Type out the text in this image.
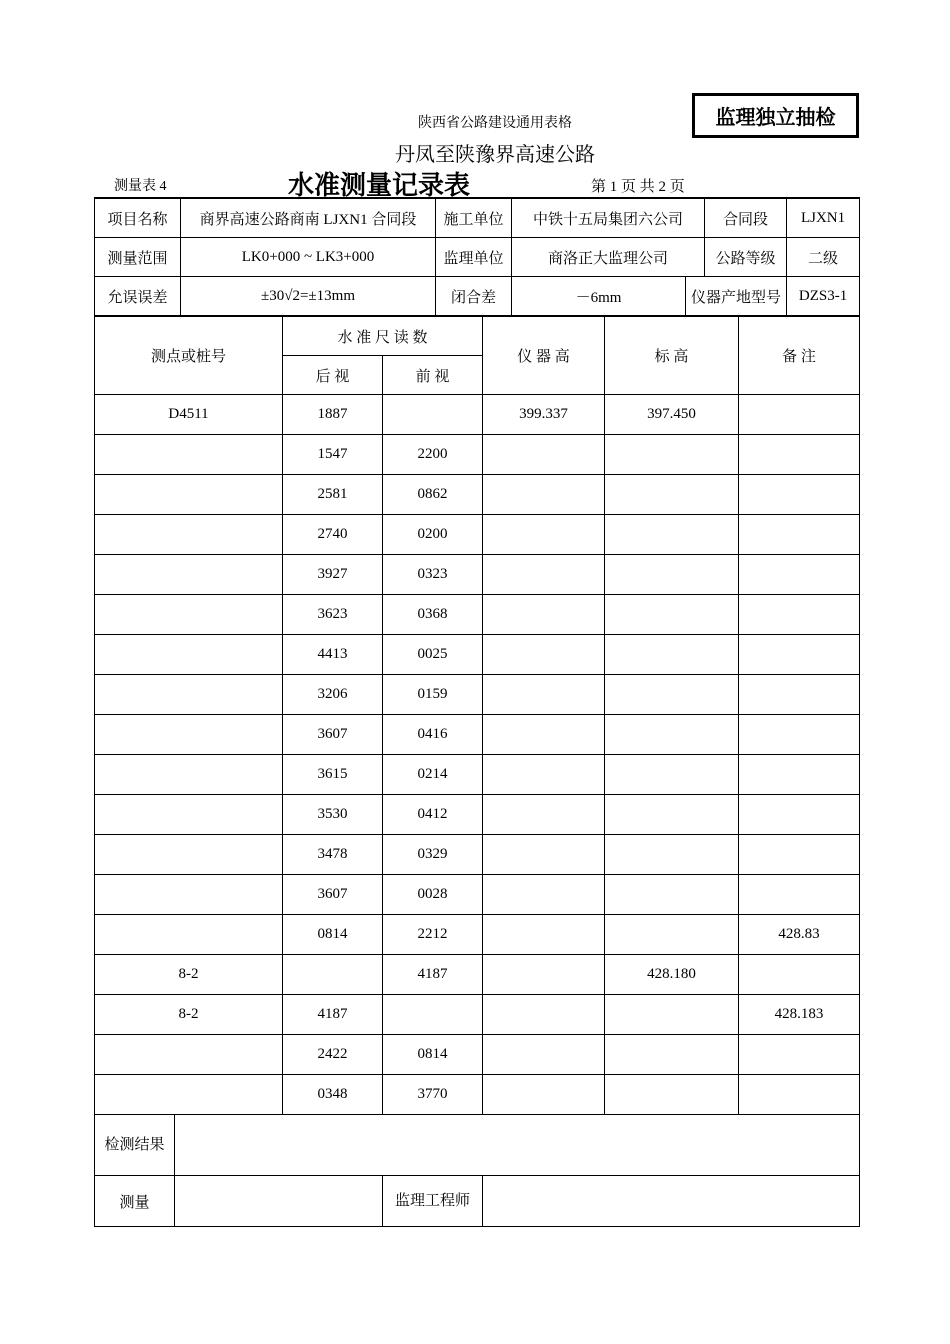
陕西省公路建设通用表格
丹凤至陕豫界高速公路
测量表 4	水准测量记录表	第 1 页 共 2 页
监理独立抽检
项目名称	商界高速公路商南 LJXN1 合同段	施工单位	中铁十五局集团六公司		合同段	LJXN1
测量范围	LK0+000 ~ LK3+000	监理单位	商洛正大监理公司		公路等级	二级
允误误差	±30√2=±13mm	闭合差	－6mm	仪器产地型号		DZS3-1
测点或桩号		水 准 尺 读 数		仪 器 高	标 高	备 注
		后 视	前 视			
D4511		1887		399.337	397.450	
		1547	2200			
		2581	0862			
		2740	0200			
		3927	0323			
		3623	0368			
		4413	0025			
		3206	0159			
		3607	0416			
		3615	0214			
		3530	0412			
		3478	0329			
		3607	0028			
		0814	2212			428.83
8-2			4187		428.180	
8-2		4187				428.183
		2422	0814			
		0348	3770			
检测结果						
测量			监理工程师			
